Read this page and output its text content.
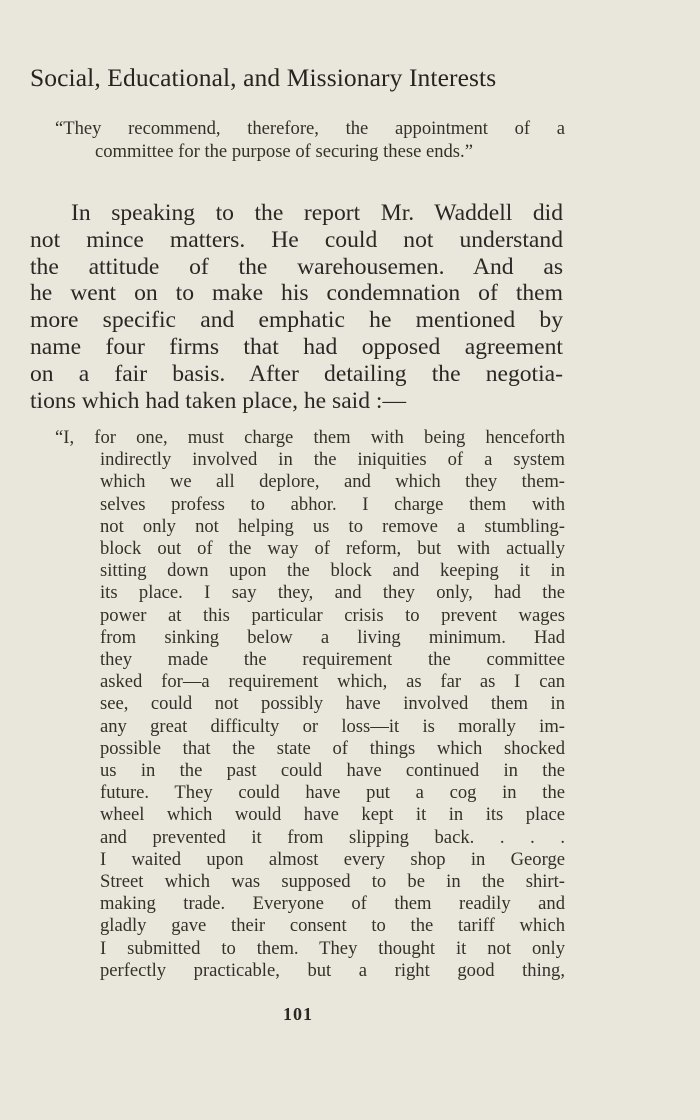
Social, Educational, and Missionary Interests
“They recommend, therefore, the appointment of a
committee for the purpose of securing these ends.”
In speaking to the report Mr. Waddell did
not mince matters. He could not understand
the attitude of the warehousemen. And as
he went on to make his condemnation of them
more specific and emphatic he mentioned by
name four firms that had opposed agreement
on a fair basis. After detailing the negotia-
tions which had taken place, he said :—
“I, for one, must charge them with being henceforth
indirectly involved in the iniquities of a system
which we all deplore, and which they them-
selves profess to abhor. I charge them with
not only not helping us to remove a stumbling-
block out of the way of reform, but with actually
sitting down upon the block and keeping it in
its place. I say they, and they only, had the
power at this particular crisis to prevent wages
from sinking below a living minimum. Had
they made the requirement the committee
asked for—a requirement which, as far as I can
see, could not possibly have involved them in
any great difficulty or loss—it is morally im-
possible that the state of things which shocked
us in the past could have continued in the
future. They could have put a cog in the
wheel which would have kept it in its place
and prevented it from slipping back. . . .
I waited upon almost every shop in George
Street which was supposed to be in the shirt-
making trade. Everyone of them readily and
gladly gave their consent to the tariff which
I submitted to them. They thought it not only
perfectly practicable, but a right good thing,
101
